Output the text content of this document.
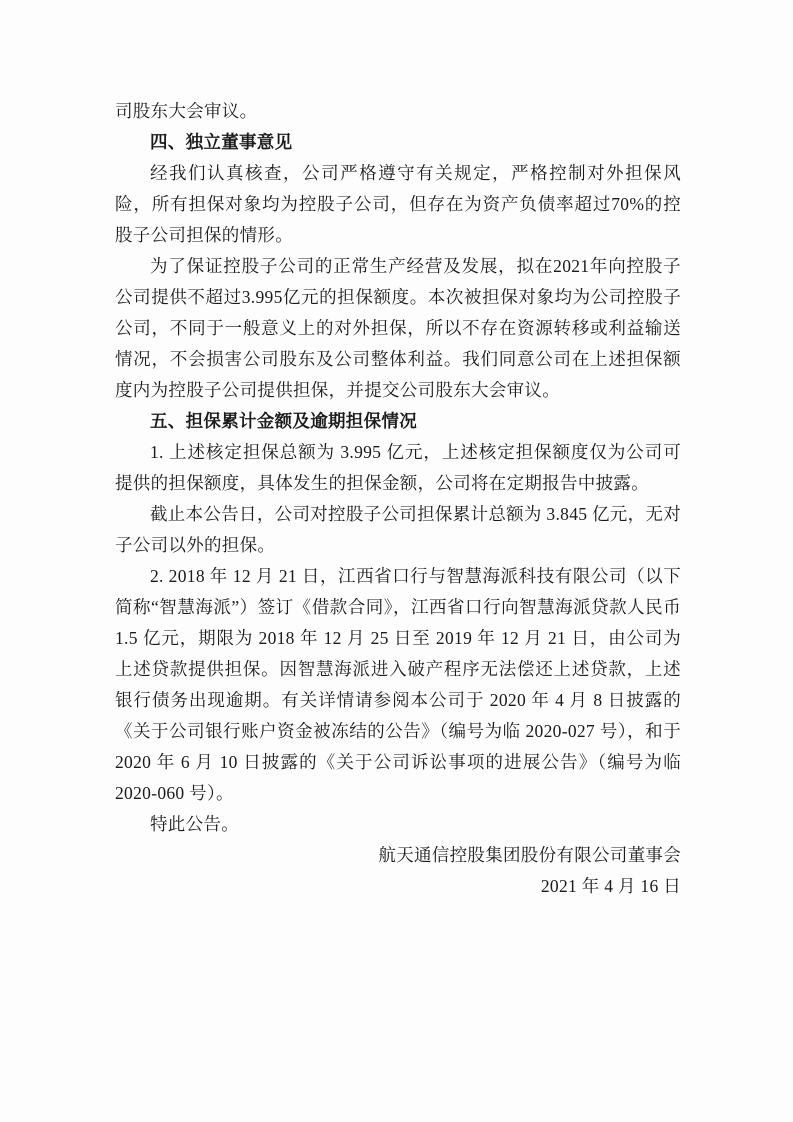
司股东大会审议。

四、独立董事意见

经我们认真核查，公司严格遵守有关规定，严格控制对外担保风险，所有担保对象均为控股子公司，但存在为资产负债率超过70%的控股子公司担保的情形。

为了保证控股子公司的正常生产经营及发展，拟在2021年向控股子公司提供不超过3.995亿元的担保额度。本次被担保对象均为公司控股子公司，不同于一般意义上的对外担保，所以不存在资源转移或利益输送情况，不会损害公司股东及公司整体利益。我们同意公司在上述担保额度内为控股子公司提供担保，并提交公司股东大会审议。

五、担保累计金额及逾期担保情况

1. 上述核定担保总额为 3.995 亿元，上述核定担保额度仅为公司可提供的担保额度，具体发生的担保金额，公司将在定期报告中披露。

截止本公告日，公司对控股子公司担保累计总额为 3.845 亿元，无对子公司以外的担保。

2. 2018 年 12 月 21 日，江西省口行与智慧海派科技有限公司（以下简称“智慧海派”）签订《借款合同》，江西省口行向智慧海派贷款人民币 1.5 亿元，期限为 2018 年 12 月 25 日至 2019 年 12 月 21 日，由公司为上述贷款提供担保。因智慧海派进入破产程序无法偿还上述贷款，上述银行债务出现逾期。有关详情请参阅本公司于 2020 年 4 月 8 日披露的《关于公司银行账户资金被冻结的公告》（编号为临 2020-027 号），和于 2020 年 6 月 10 日披露的《关于公司诉讼事项的进展公告》（编号为临 2020-060 号）。

特此公告。

航天通信控股集团股份有限公司董事会

2021 年 4 月 16 日
